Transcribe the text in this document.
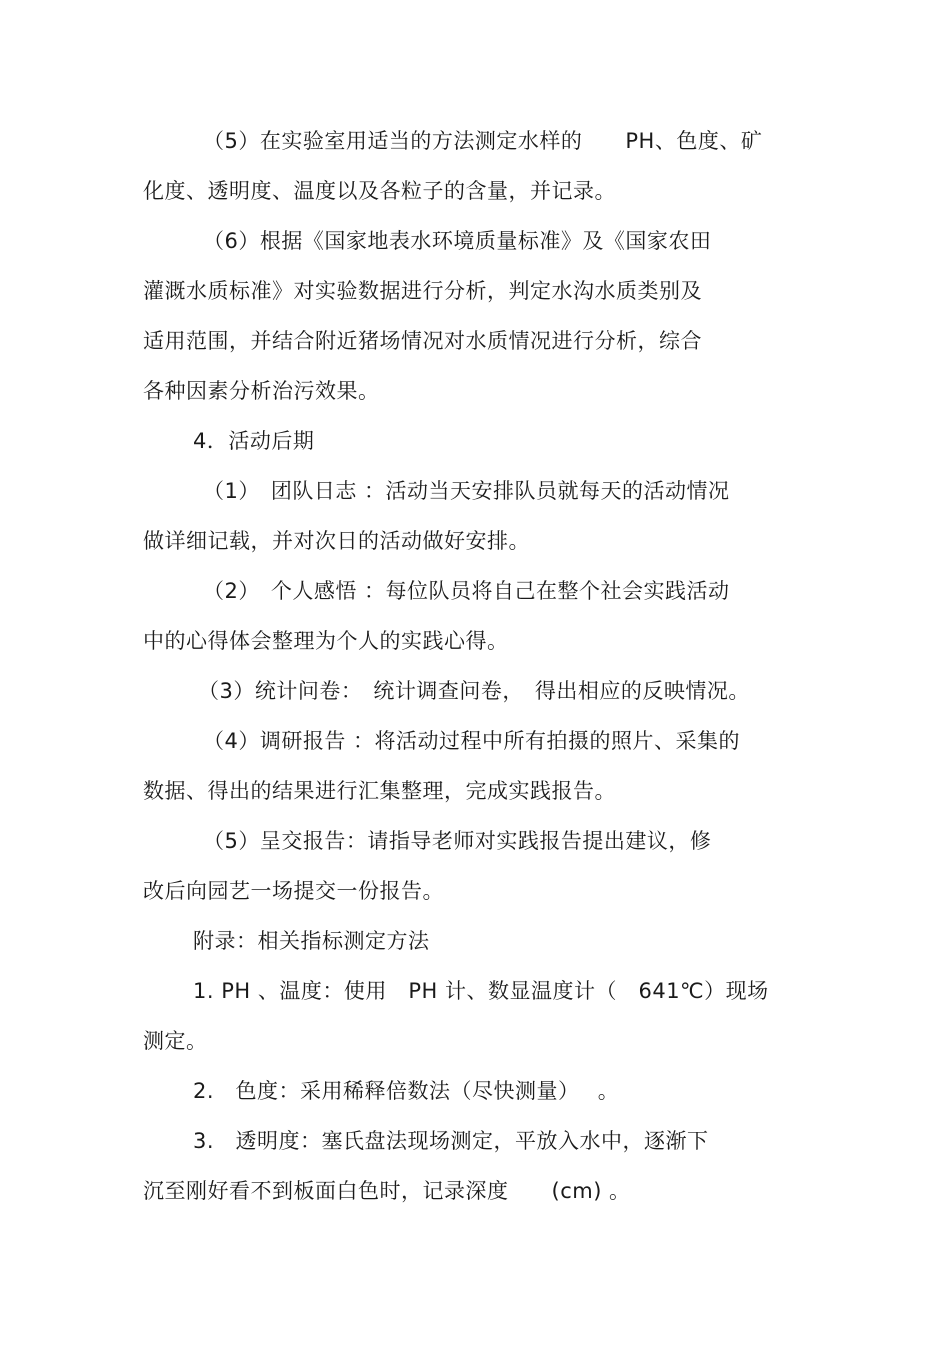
（5）在实验室用适当的方法测定水样的　　PH、色度、矿
化度、透明度、温度以及各粒子的含量，并记录。
（6）根据《国家地表水环境质量标准》及《国家农田
灌溉水质标准》对实验数据进行分析，判定水沟水质类别及
适用范围，并结合附近猪场情况对水质情况进行分析，综合
各种因素分析治污效果。
4．活动后期
（1）　团队日志 ：活动当天安排队员就每天的活动情况
做详细记载，并对次日的活动做好安排。
（2）　个人感悟 ：每位队员将自己在整个社会实践活动
中的心得体会整理为个人的实践心得。
（3）统计问卷：　统计调查问卷，　得出相应的反映情况。
（4）调研报告 ：将活动过程中所有拍摄的照片、采集的
数据、得出的结果进行汇集整理，完成实践报告。
（5）呈交报告：请指导老师对实践报告提出建议，修
改后向园艺一场提交一份报告。
附录：相关指标测定方法
1. PH 、温度：使用　PH 计、数显温度计（　641℃）现场
测定。
2.　色度：采用稀释倍数法（尽快测量）　 。
3.　透明度：塞氏盘法现场测定，平放入水中，逐渐下
沉至刚好看不到板面白色时，记录深度　　(cm) 。
